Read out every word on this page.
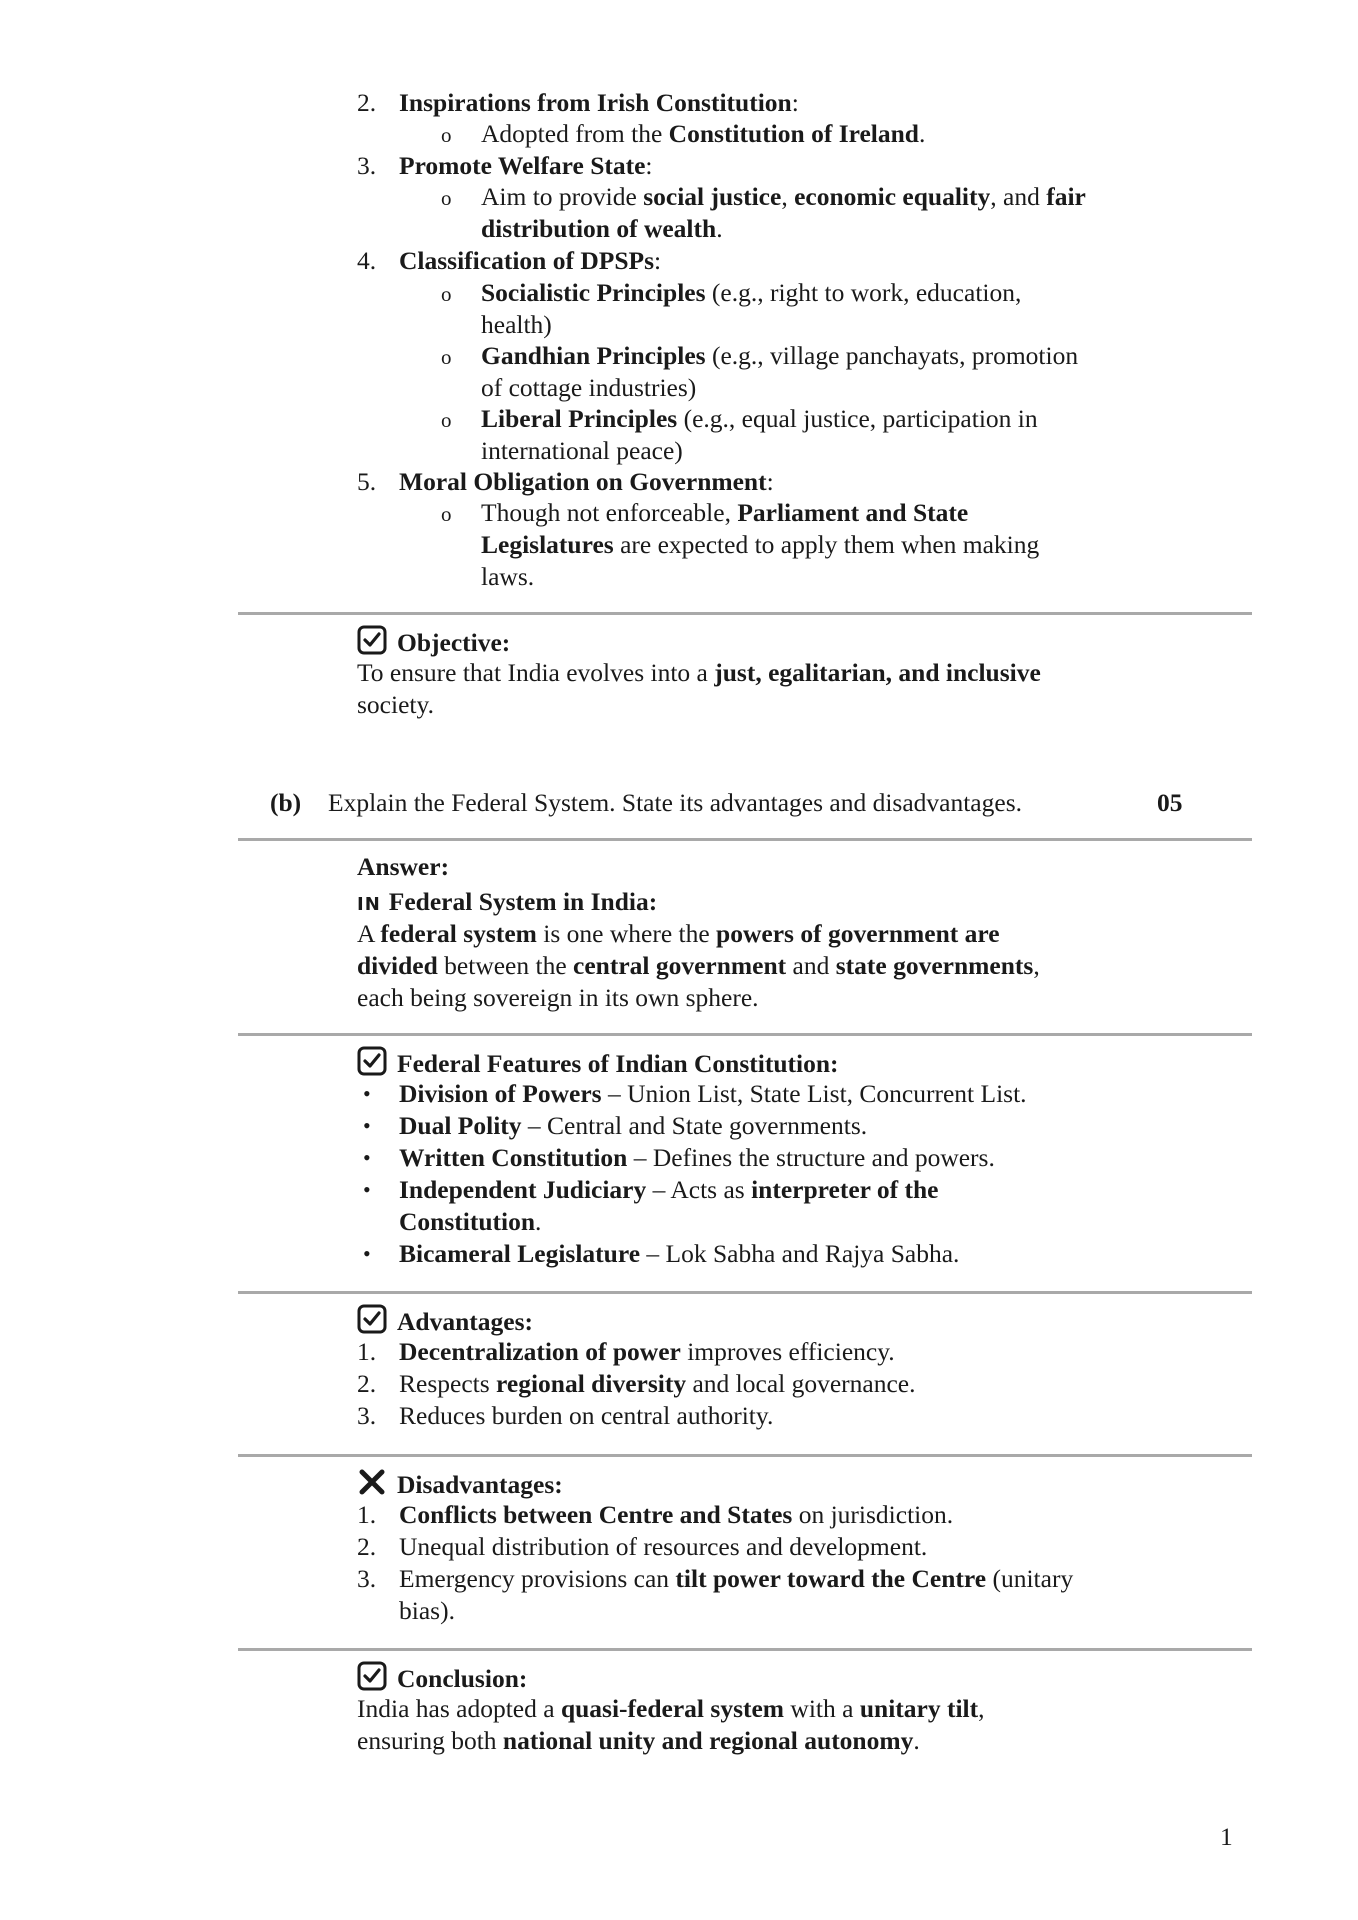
2. Inspirations from Irish Constitution:
o Adopted from the Constitution of Ireland.
3. Promote Welfare State:
o Aim to provide social justice, economic equality, and fair
distribution of wealth.
4. Classification of DPSPs:
o Socialistic Principles (e.g., right to work, education,
health)
o Gandhian Principles (e.g., village panchayats, promotion
of cottage industries)
o Liberal Principles (e.g., equal justice, participation in
international peace)
5. Moral Obligation on Government:
o Though not enforceable, Parliament and State
Legislatures are expected to apply them when making
laws.
Objective:
To ensure that India evolves into a just, egalitarian, and inclusive
society.
(b) Explain the Federal System. State its advantages and disadvantages.	05
Answer:
IN Federal System in India:
A federal system is one where the powers of government are
divided between the central government and state governments,
each being sovereign in its own sphere.
Federal Features of Indian Constitution:
• Division of Powers – Union List, State List, Concurrent List.
• Dual Polity – Central and State governments.
• Written Constitution – Defines the structure and powers.
• Independent Judiciary – Acts as interpreter of the
Constitution.
• Bicameral Legislature – Lok Sabha and Rajya Sabha.
Advantages:
1. Decentralization of power improves efficiency.
2. Respects regional diversity and local governance.
3. Reduces burden on central authority.
Disadvantages:
1. Conflicts between Centre and States on jurisdiction.
2. Unequal distribution of resources and development.
3. Emergency provisions can tilt power toward the Centre (unitary
bias).
Conclusion:
India has adopted a quasi-federal system with a unitary tilt,
ensuring both national unity and regional autonomy.
1
